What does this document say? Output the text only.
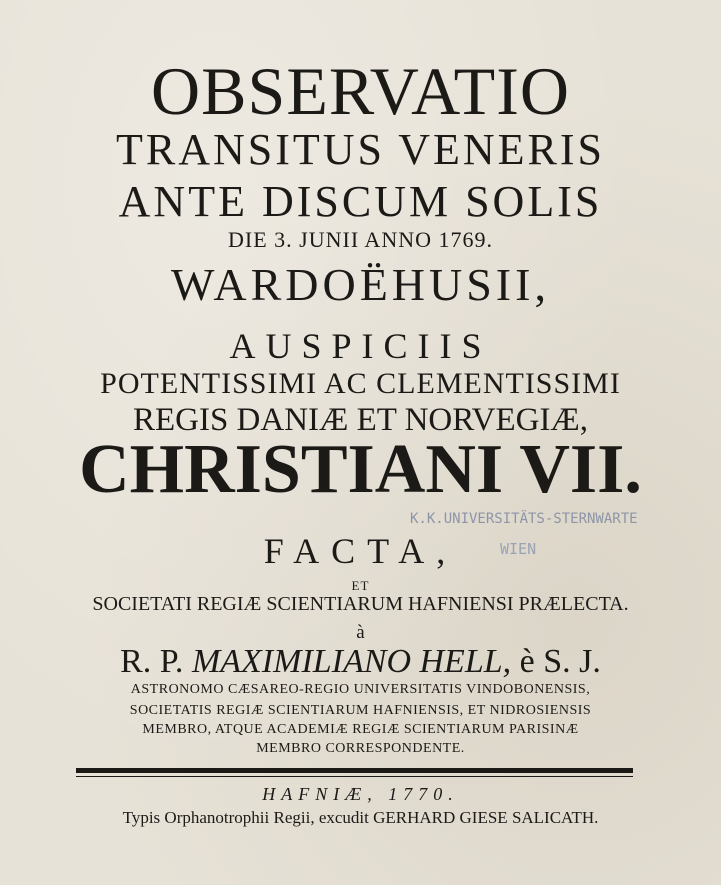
OBSERVATIO
TRANSITUS VENERIS
ANTE DISCUM SOLIS
DIE 3. JUNII ANNO 1769.
WARDOËHUSII,
AUSPICIIS
POTENTISSIMI AC CLEMENTISSIMI
REGIS DANIÆ ET NORVEGIÆ,
CHRISTIANI VII.
K.K.UNIVERSITÄTS-STERNWARTE
WIEN
FACTA,
ET
SOCIETATI REGIÆ SCIENTIARUM HAFNIENSI PRÆLECTA.
à
R. P. MAXIMILIANO HELL, è S. J.
ASTRONOMO CÆSAREO-REGIO UNIVERSITATIS VINDOBONENSIS,
SOCIETATIS REGIÆ SCIENTIARUM HAFNIENSIS, ET NIDROSIENSIS
MEMBRO, ATQUE ACADEMIÆ REGIÆ SCIENTIARUM PARISINÆ
MEMBRO CORRESPONDENTE.
HAFNIÆ, 1770.
Typis Orphanotrophii Regii, excudit GERHARD GIESE SALICATH.
